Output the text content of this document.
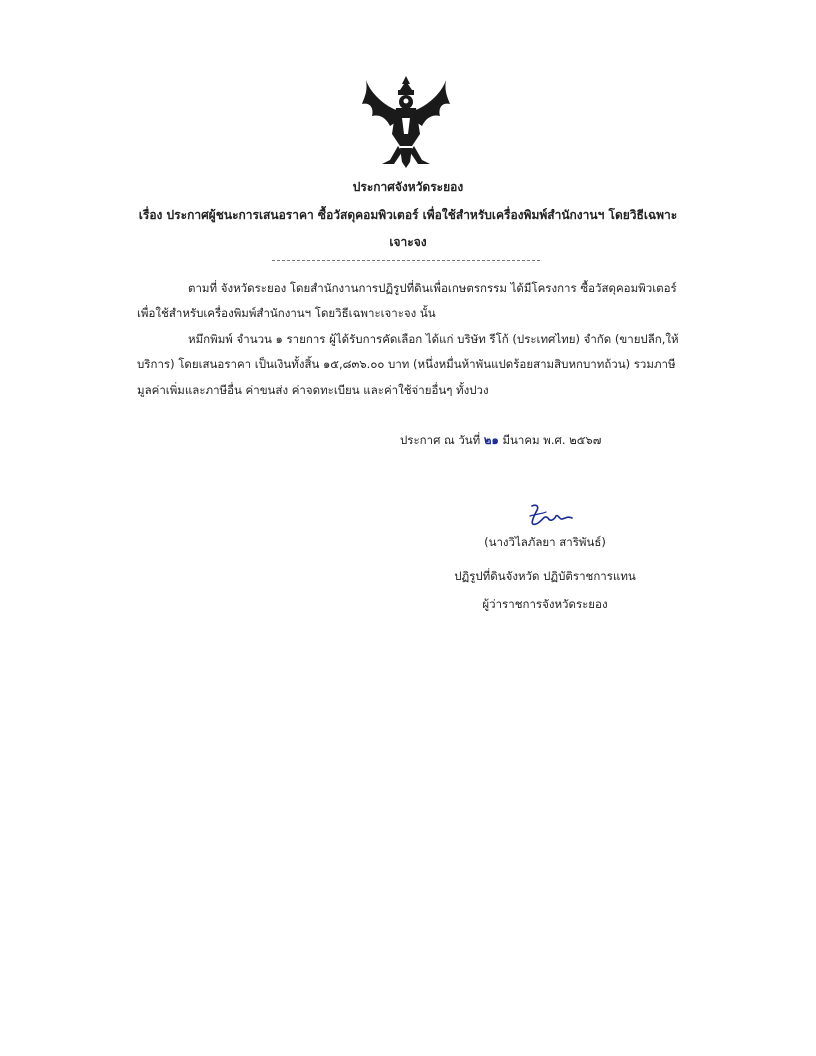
ประกาศจังหวัดระยอง
เรื่อง ประกาศผู้ชนะการเสนอราคา ซื้อวัสดุคอมพิวเตอร์ เพื่อใช้สำหรับเครื่องพิมพ์สำนักงานฯ โดยวิธีเฉพาะ
เจาะจง
ตามที่ จังหวัดระยอง โดยสำนักงานการปฏิรูปที่ดินเพื่อเกษตรกรรม ได้มีโครงการ ซื้อวัสดุคอมพิวเตอร์
เพื่อใช้สำหรับเครื่องพิมพ์สำนักงานฯ โดยวิธีเฉพาะเจาะจง นั้น
หมึกพิมพ์ จำนวน ๑ รายการ ผู้ได้รับการคัดเลือก ได้แก่ บริษัท รีโก้ (ประเทศไทย) จำกัด (ขายปลีก,ให้
บริการ) โดยเสนอราคา เป็นเงินทั้งสิ้น ๑๕,๘๓๖.๐๐ บาท (หนึ่งหมื่นห้าพันแปดร้อยสามสิบหกบาทถ้วน) รวมภาษี
มูลค่าเพิ่มและภาษีอื่น ค่าขนส่ง ค่าจดทะเบียน และค่าใช้จ่ายอื่นๆ ทั้งปวง
ประกาศ ณ วันที่ ๒๑ มีนาคม พ.ศ. ๒๕๖๗
(นางวิไลภัลยา สาริพันธ์)
ปฏิรูปที่ดินจังหวัด ปฏิบัติราชการแทน
ผู้ว่าราชการจังหวัดระยอง
